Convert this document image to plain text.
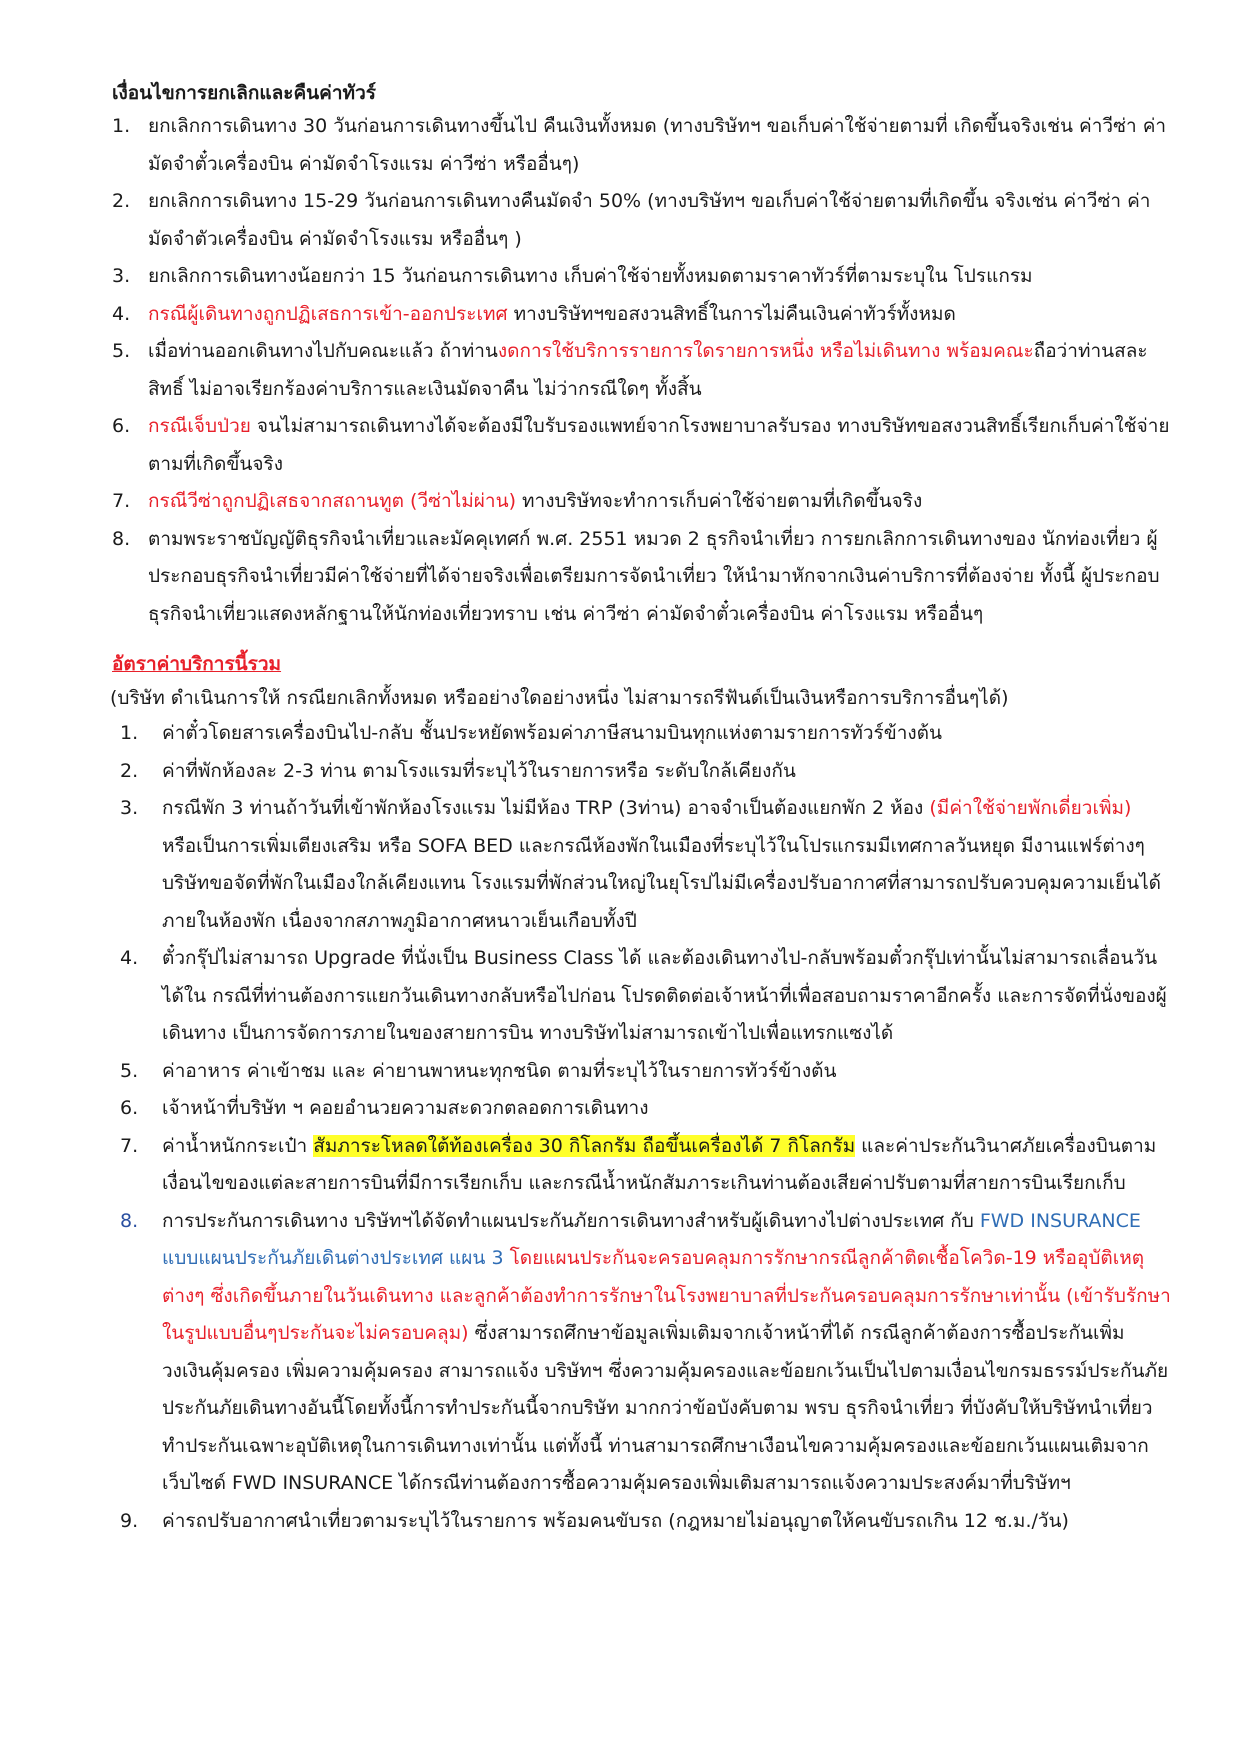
เงื่อนไขการยกเลิกและคืนค่าทัวร์
1. ยกเลิกการเดินทาง 30 วันก่อนการเดินทางขึ้นไป คืนเงินทั้งหมด (ทางบริษัทฯ ขอเก็บค่าใช้จ่ายตามที่ เกิดขึ้นจริงเช่น ค่าวีซ่า ค่ามัดจำตั๋วเครื่องบิน ค่ามัดจำโรงแรม ค่าวีซ่า หรืออื่นๆ)
2. ยกเลิกการเดินทาง 15-29 วันก่อนการเดินทางคืนมัดจำ 50% (ทางบริษัทฯ ขอเก็บค่าใช้จ่ายตามที่เกิดขึ้น จริงเช่น ค่าวีซ่า ค่ามัดจำตัวเครื่องบิน ค่ามัดจำโรงแรม หรืออื่นๆ )
3. ยกเลิกการเดินทางน้อยกว่า 15 วันก่อนการเดินทาง เก็บค่าใช้จ่ายทั้งหมดตามราคาทัวร์ที่ตามระบุใน โปรแกรม
4. กรณีผู้เดินทางถูกปฏิเสธการเข้า-ออกประเทศ ทางบริษัทฯขอสงวนสิทธิ์ในการไม่คืนเงินค่าทัวร์ทั้งหมด
5. เมื่อท่านออกเดินทางไปกับคณะแล้ว ถ้าท่านงดการใช้บริการรายการใดรายการหนึ่ง หรือไม่เดินทาง พร้อมคณะถือว่าท่านสละสิทธิ์ ไม่อาจเรียกร้องค่าบริการและเงินมัดจาคืน ไม่ว่ากรณีใดๆ ทั้งสิ้น
6. กรณีเจ็บป่วย จนไม่สามารถเดินทางได้จะต้องมีใบรับรองแพทย์จากโรงพยาบาลรับรอง ทางบริษัทขอสงวนสิทธิ์เรียกเก็บค่าใช้จ่ายตามที่เกิดขึ้นจริง
7. กรณีวีซ่าถูกปฏิเสธจากสถานทูต (วีซ่าไม่ผ่าน) ทางบริษัทจะทำการเก็บค่าใช้จ่ายตามที่เกิดขึ้นจริง
8. ตามพระราชบัญญัติธุรกิจนำเที่ยวและมัคคุเทศก์ พ.ศ. 2551 หมวด 2 ธุรกิจนำเที่ยว การยกเลิกการเดินทางของ นักท่องเที่ยว ผู้ประกอบธุรกิจนำเที่ยวมีค่าใช้จ่ายที่ได้จ่ายจริงเพื่อเตรียมการจัดนำเที่ยว ให้นำมาหักจากเงินค่าบริการที่ต้องจ่าย ทั้งนี้ ผู้ประกอบธุรกิจนำเที่ยวแสดงหลักฐานให้นักท่องเที่ยวทราบ เช่น ค่าวีซ่า ค่ามัดจำตั๋วเครื่องบิน ค่าโรงแรม หรืออื่นๆ
อัตราค่าบริการนี้รวม

(บริษัท ดำเนินการให้ กรณียกเลิกทั้งหมด หรืออย่างใดอย่างหนึ่ง ไม่สามารถรีฟันด์เป็นเงินหรือการบริการอื่นๆได้)

1. ค่าตั๋วโดยสารเครื่องบินไป-กลับ ชั้นประหยัดพร้อมค่าภาษีสนามบินทุกแห่งตามรายการทัวร์ข้างต้น
2. ค่าที่พักห้องละ 2-3 ท่าน ตามโรงแรมที่ระบุไว้ในรายการหรือ ระดับใกล้เคียงกัน
3. กรณีพัก 3 ท่านถ้าวันที่เข้าพักห้องโรงแรม ไม่มีห้อง TRP (3ท่าน) อาจจำเป็นต้องแยกพัก 2 ห้อง (มีค่าใช้จ่ายพักเดี่ยวเพิ่ม) หรือเป็นการเพิ่มเตียงเสริม หรือ SOFA BED และกรณีห้องพักในเมืองที่ระบุไว้ในโปรแกรมมีเทศกาลวันหยุด มีงานแฟร์ต่างๆ บริษัทขอจัดที่พักในเมืองใกล้เคียงแทน โรงแรมที่พักส่วนใหญ่ในยุโรปไม่มีเครื่องปรับอากาศที่สามารถปรับควบคุมความเย็นได้ภายในห้องพัก เนื่องจากสภาพภูมิอากาศหนาวเย็นเกือบทั้งปี
4. ตั๋วกรุ๊ปไม่สามารถ Upgrade ที่นั่งเป็น Business Class ได้ และต้องเดินทางไป-กลับพร้อมตั๋วกรุ๊ปเท่านั้นไม่สามารถเลื่อนวันได้ใน กรณีที่ท่านต้องการแยกวันเดินทางกลับหรือไปก่อน โปรดติดต่อเจ้าหน้าที่เพื่อสอบถามราคาอีกครั้ง และการจัดที่นั่งของผู้เดินทาง เป็นการจัดการภายในของสายการบิน ทางบริษัทไม่สามารถเข้าไปเพื่อแทรกแซงได้
5. ค่าอาหาร ค่าเข้าชม และ ค่ายานพาหนะทุกชนิด ตามที่ระบุไว้ในรายการทัวร์ข้างต้น
6. เจ้าหน้าที่บริษัท ฯ คอยอำนวยความสะดวกตลอดการเดินทาง
7. ค่าน้ำหนักกระเป๋า สัมภาระโหลดใต้ท้องเครื่อง 30 กิโลกรัม ถือขึ้นเครื่องได้ 7 กิโลกรัม และค่าประกันวินาศภัยเครื่องบินตามเงื่อนไขของแต่ละสายการบินที่มีการเรียกเก็บ และกรณีน้ำหนักสัมภาระเกินท่านต้องเสียค่าปรับตามที่สายการบินเรียกเก็บ
8. การประกันการเดินทาง บริษัทฯได้จัดทำแผนประกันภัยการเดินทางสำหรับผู้เดินทางไปต่างประเทศ กับ FWD INSURANCE แบบแผนประกันภัยเดินต่างประเทศ แผน 3 โดยแผนประกันจะครอบคลุมการรักษากรณีลูกค้าติดเชื้อโควิด-19 หรืออุบัติเหตุต่างๆ ซึ่งเกิดขึ้นภายในวันเดินทาง และลูกค้าต้องทำการรักษาในโรงพยาบาลที่ประกันครอบคลุมการรักษาเท่านั้น (เข้ารับรักษาในรูปแบบอื่นๆประกันจะไม่ครอบคลุม) ซึ่งสามารถศึกษาข้อมูลเพิ่มเติมจากเจ้าหน้าที่ได้ กรณีลูกค้าต้องการซื้อประกันเพิ่มวงเงินคุ้มครอง เพิ่มความคุ้มครอง สามารถแจ้ง บริษัทฯ ซึ่งความคุ้มครองและข้อยกเว้นเป็นไปตามเงื่อนไขกรมธรรม์ประกันภัย ประกันภัยเดินทางอันนี้โดยทั้งนี้การทำประกันนี้จากบริษัท มากกว่าข้อบังคับตาม พรบ ธุรกิจนำเที่ยว ที่บังคับให้บริษัทนำเที่ยว ทำประกันเฉพาะอุบัติเหตุในการเดินทางเท่านั้น แต่ทั้งนี้ ท่านสามารถศึกษาเงือนไขความคุ้มครองและข้อยกเว้นแผนเติมจากเว็บไซด์ FWD INSURANCE ได้กรณีท่านต้องการซื้อความคุ้มครองเพิ่มเติมสามารถแจ้งความประสงค์มาที่บริษัทฯ
9. ค่ารถปรับอากาศนำเที่ยวตามระบุไว้ในรายการ พร้อมคนขับรถ (กฎหมายไม่อนุญาตให้คนขับรถเกิน 12 ช.ม./วัน)
